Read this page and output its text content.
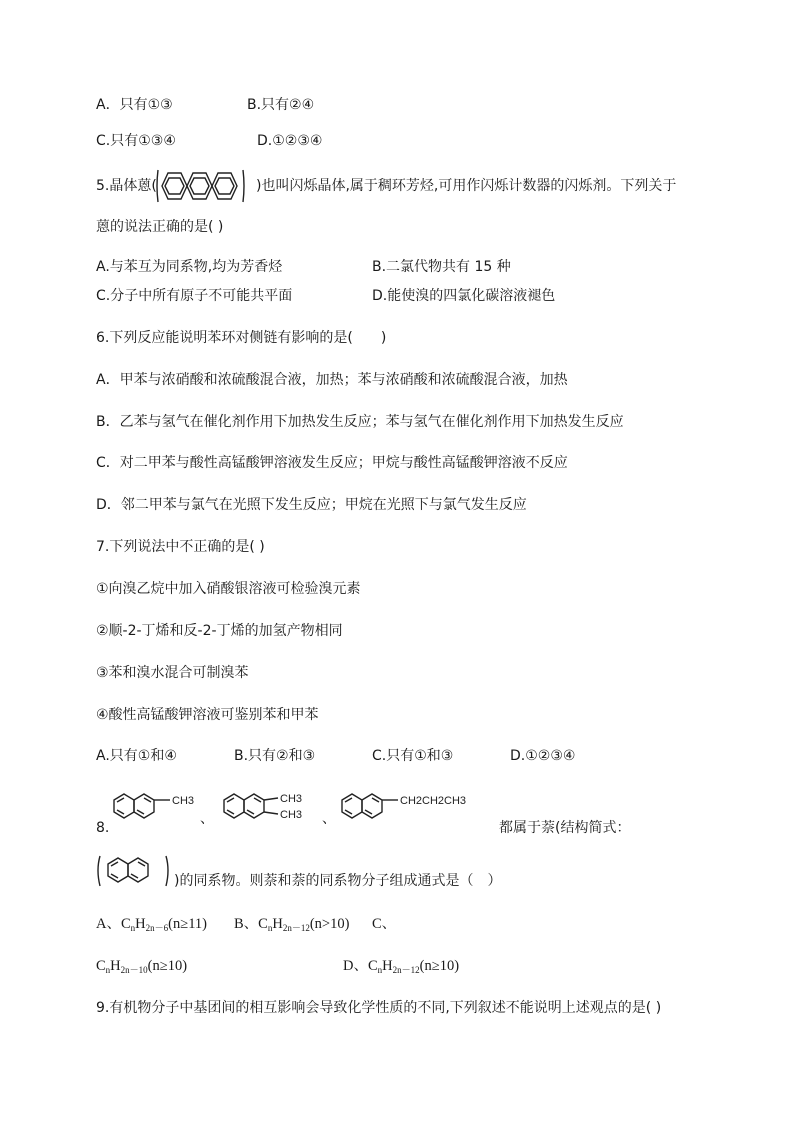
A．只有①③	B.只有②④
C.只有①③④	D.①②③④
5.晶体蒽(	)也叫闪烁晶体,属于稠环芳烃,可用作闪烁计数器的闪烁剂。下列关于
蒽的说法正确的是( )
A.与苯互为同系物,均为芳香烃	B.二氯代物共有 15 种
C.分子中所有原子不可能共平面	D.能使溴的四氯化碳溶液褪色
6.下列反应能说明苯环对侧链有影响的是(　　)
A．甲苯与浓硝酸和浓硫酸混合液，加热；苯与浓硝酸和浓硫酸混合液，加热
B．乙苯与氢气在催化剂作用下加热发生反应；苯与氢气在催化剂作用下加热发生反应
C．对二甲苯与酸性高锰酸钾溶液发生反应；甲烷与酸性高锰酸钾溶液不反应
D．邻二甲苯与氯气在光照下发生反应；甲烷在光照下与氯气发生反应
7.下列说法中不正确的是( )
①向溴乙烷中加入硝酸银溶液可检验溴元素
②顺-2-丁烯和反-2-丁烯的加氢产物相同
③苯和溴水混合可制溴苯
④酸性高锰酸钾溶液可鉴别苯和甲苯
A.只有①和④	B.只有②和③	C.只有①和③	D.①②③④
CH3
、
CH3
CH3 、
CH2CH2CH3
8.	都属于萘(结构简式：
)的同系物。则萘和萘的同系物分子组成通式是（　）
A、$C_nH_{2n-6}(n\ge 11)$ B、$C_nH_{2n-12}(n>10)$ C、
$C_nH_{2n-10}(n\ge 10)$	D、$C_nH_{2n-12}(n\ge 10)$
9.有机物分子中基团间的相互影响会导致化学性质的不同,下列叙述不能说明上述观点的是( )
